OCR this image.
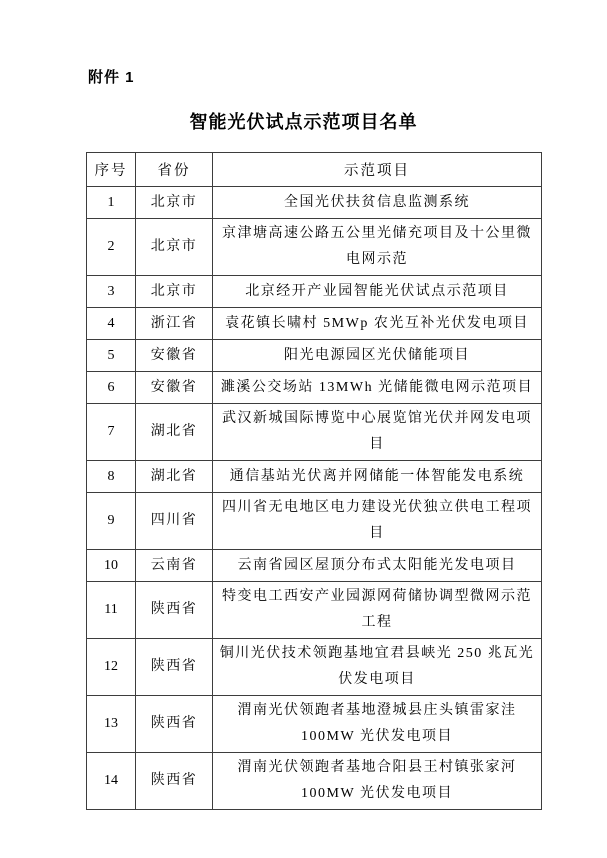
附件 1
智能光伏试点示范项目名单
序号	省份	示范项目
1	北京市	全国光伏扶贫信息监测系统
2	北京市	京津塘高速公路五公里光储充项目及十公里微电网示范
3	北京市	北京经开产业园智能光伏试点示范项目
4	浙江省	袁花镇长啸村 5MWp 农光互补光伏发电项目
5	安徽省	阳光电源园区光伏储能项目
6	安徽省	濉溪公交场站 13MWh 光储能微电网示范项目
7	湖北省	武汉新城国际博览中心展览馆光伏并网发电项目
8	湖北省	通信基站光伏离并网储能一体智能发电系统
9	四川省	四川省无电地区电力建设光伏独立供电工程项目
10	云南省	云南省园区屋顶分布式太阳能光发电项目
11	陕西省	特变电工西安产业园源网荷储协调型微网示范工程
12	陕西省	铜川光伏技术领跑基地宜君县峡光 250 兆瓦光伏发电项目
13	陕西省	渭南光伏领跑者基地澄城县庄头镇雷家洼 100MW 光伏发电项目
14	陕西省	渭南光伏领跑者基地合阳县王村镇张家河 100MW 光伏发电项目
